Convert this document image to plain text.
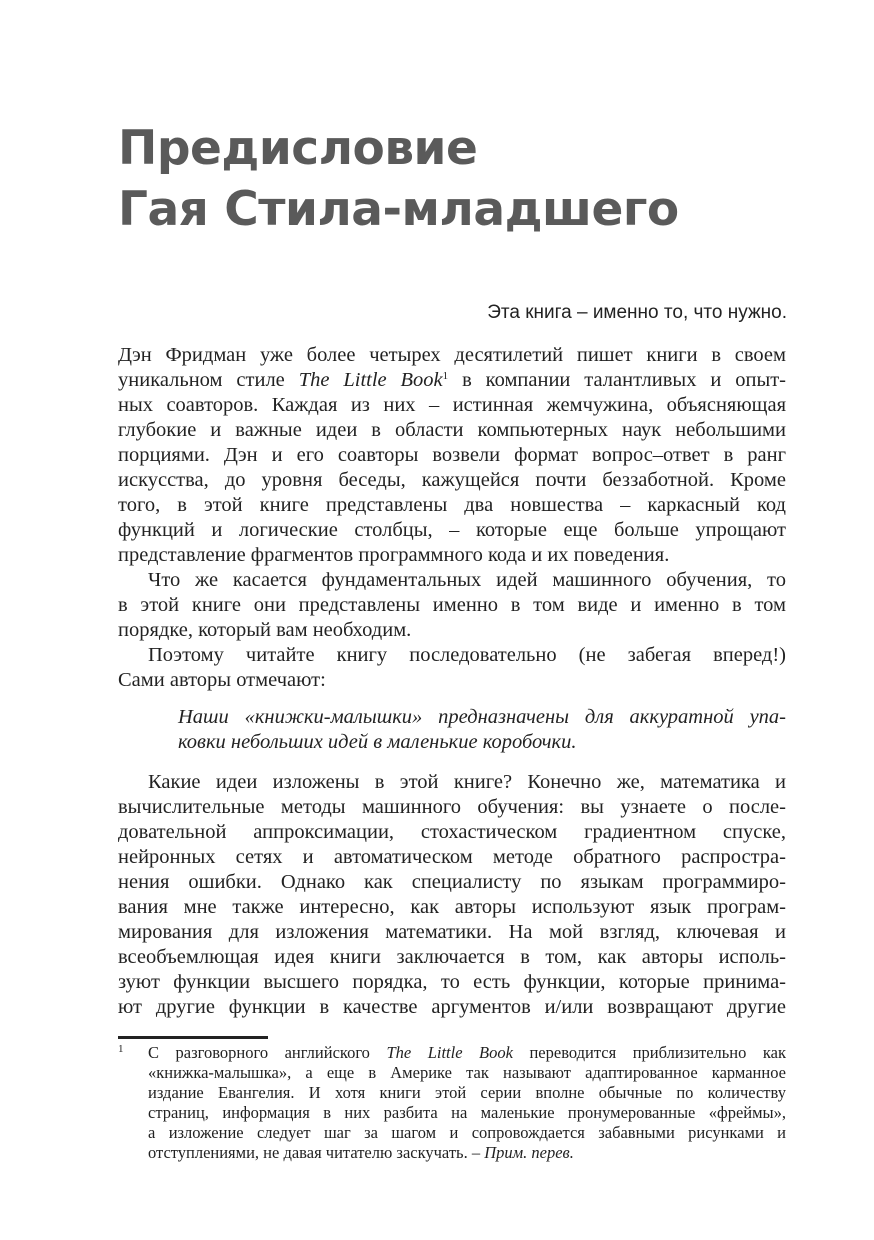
Предисловие
Гая Стила-младшего
Эта книга – именно то, что нужно.
Дэн Фридман уже более четырех десятилетий пишет книги в своем
уникальном стиле The Little Book$^1$ в компании талантливых и опыт-
ных соавторов. Каждая из них – истинная жемчужина, объясняющая
глубокие и важные идеи в области компьютерных наук небольшими
порциями. Дэн и его соавторы возвели формат вопрос–ответ в ранг
искусства, до уровня беседы, кажущейся почти беззаботной. Кроме
того, в этой книге представлены два новшества – каркасный код
функций и логические столбцы, – которые еще больше упрощают
представление фрагментов программного кода и их поведения.
Что же касается фундаментальных идей машинного обучения, то
в этой книге они представлены именно в том виде и именно в том
порядке, который вам необходим.
Поэтому читайте книгу последовательно (не забегая вперед!)
Сами авторы отмечают:
Наши «книжки-малышки» предназначены для аккуратной упа-
ковки небольших идей в маленькие коробочки.
Какие идеи изложены в этой книге? Конечно же, математика и
вычислительные методы машинного обучения: вы узнаете о после-
довательной аппроксимации, стохастическом градиентном спуске,
нейронных сетях и автоматическом методе обратного распростра-
нения ошибки. Однако как специалисту по языкам программиро-
вания мне также интересно, как авторы используют язык програм-
мирования для изложения математики. На мой взгляд, ключевая и
всеобъемлющая идея книги заключается в том, как авторы исполь-
зуют функции высшего порядка, то есть функции, которые принима-
ют другие функции в качестве аргументов и/или возвращают другие
1 С разговорного английского The Little Book переводится приблизительно как
«книжка-малышка», а еще в Америке так называют адаптированное карманное
издание Евангелия. И хотя книги этой серии вполне обычные по количеству
страниц, информация в них разбита на маленькие пронумерованные «фреймы»,
а изложение следует шаг за шагом и сопровождается забавными рисунками и
отступлениями, не давая читателю заскучать. – Прим. перев.
